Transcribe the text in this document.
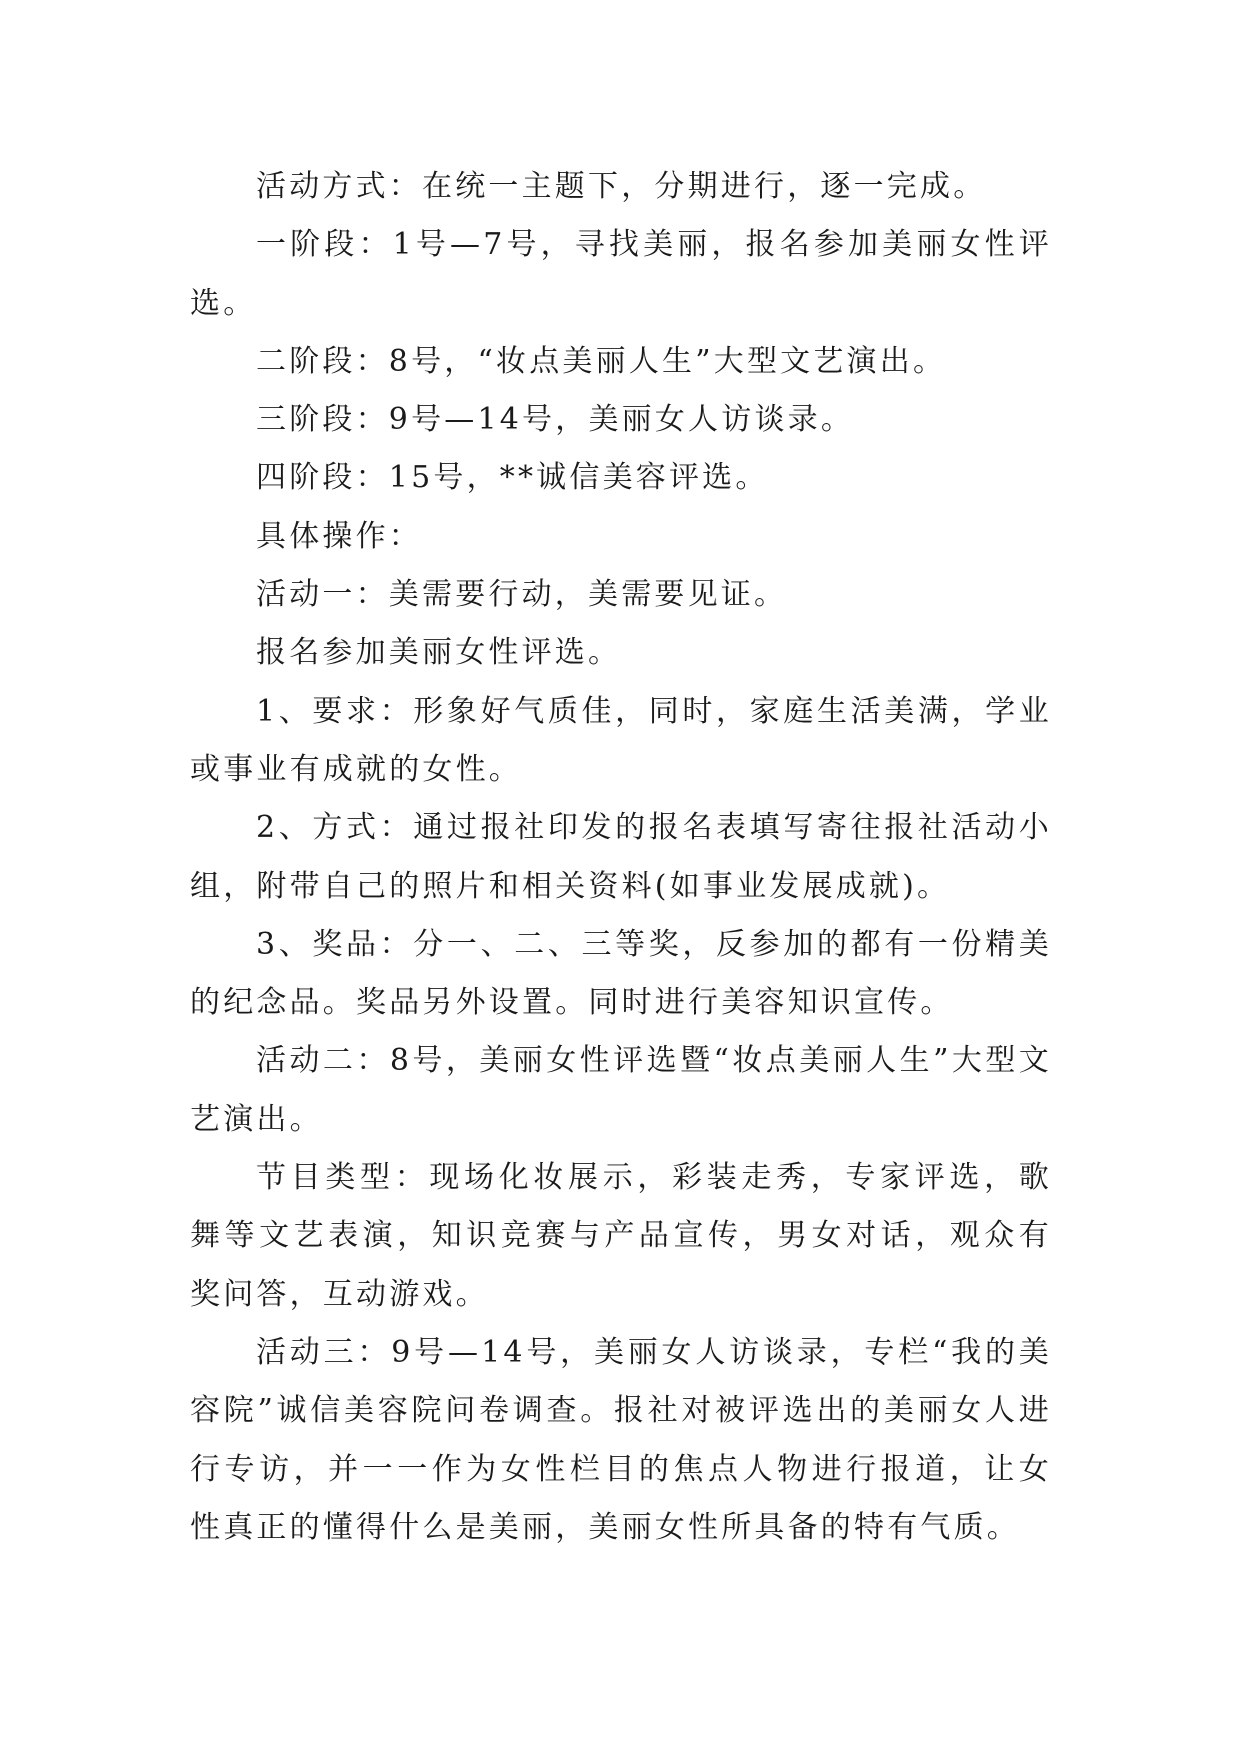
活动方式：在统一主题下，分期进行，逐一完成。

一阶段：1号—7号，寻找美丽，报名参加美丽女性评选。

二阶段：8号，“妆点美丽人生”大型文艺演出。

三阶段：9号—14号，美丽女人访谈录。

四阶段：15号，**诚信美容评选。

具体操作：

活动一：美需要行动，美需要见证。

报名参加美丽女性评选。

1、要求：形象好气质佳，同时，家庭生活美满，学业或事业有成就的女性。

2、方式：通过报社印发的报名表填写寄往报社活动小组，附带自己的照片和相关资料(如事业发展成就)。

3、奖品：分一、二、三等奖，反参加的都有一份精美的纪念品。奖品另外设置。同时进行美容知识宣传。

活动二：8号，美丽女性评选暨“妆点美丽人生”大型文艺演出。

节目类型：现场化妆展示，彩装走秀，专家评选，歌舞等文艺表演，知识竞赛与产品宣传，男女对话，观众有奖问答，互动游戏。

活动三：9号—14号，美丽女人访谈录，专栏“我的美容院”诚信美容院问卷调查。报社对被评选出的美丽女人进行专访，并一一作为女性栏目的焦点人物进行报道，让女性真正的懂得什么是美丽，美丽女性所具备的特有气质。
